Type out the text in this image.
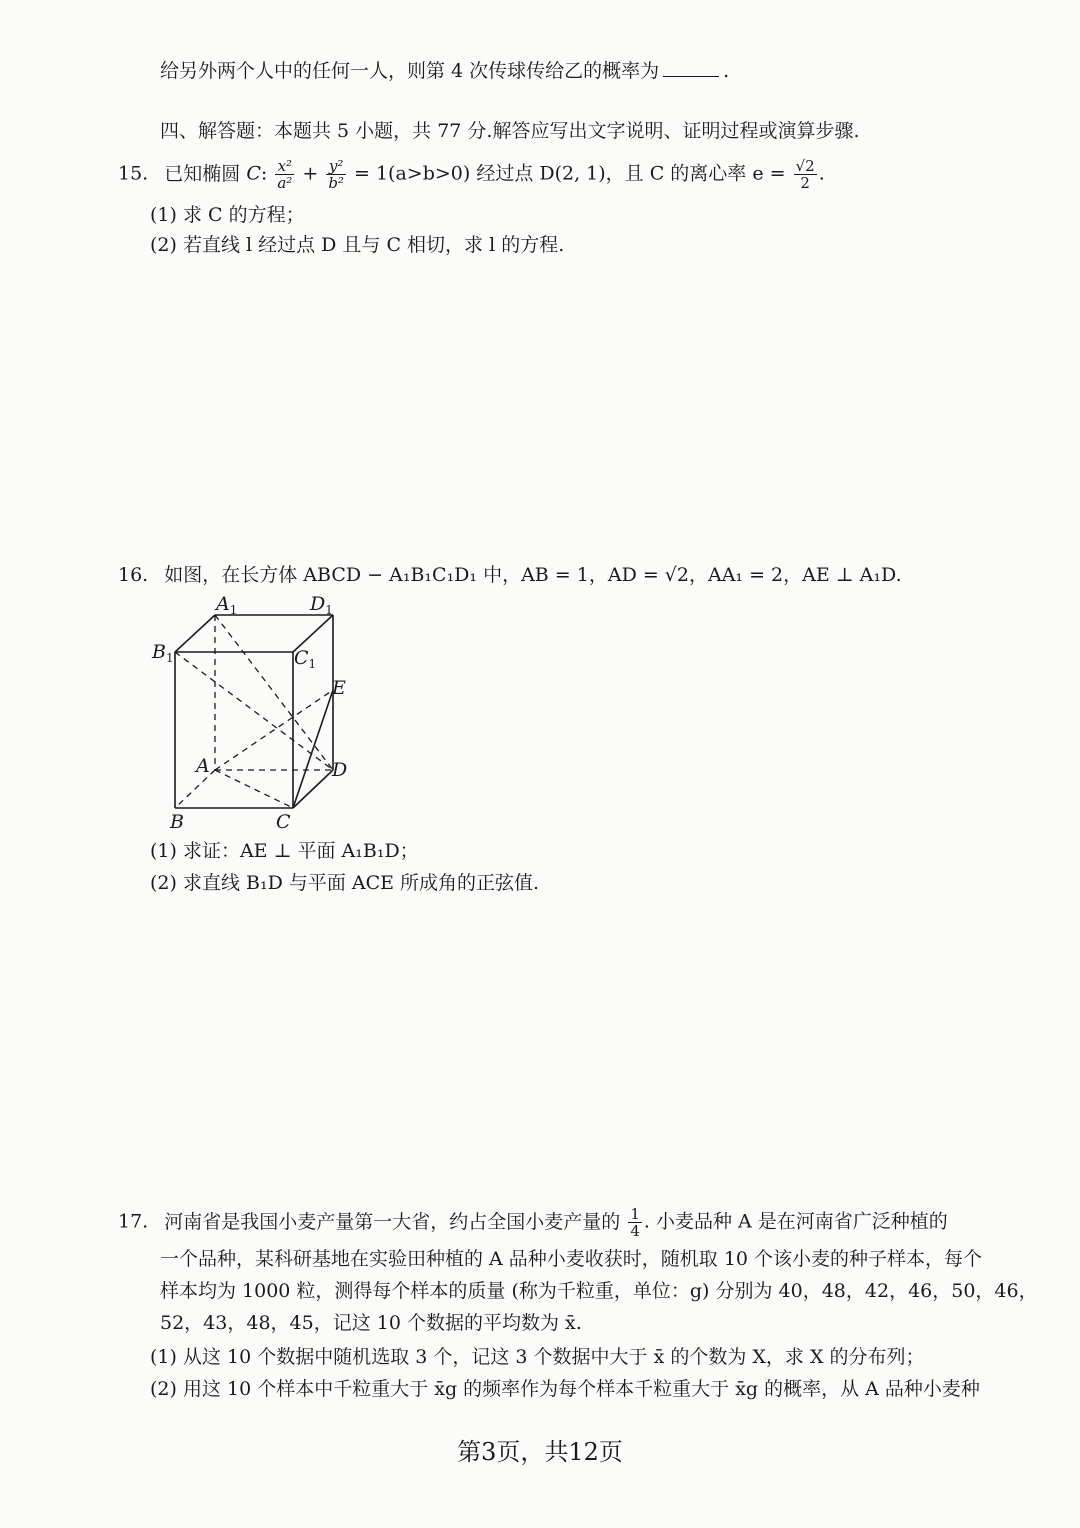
给另外两个人中的任何一人，则第 4 次传球传给乙的概率为	.
四、解答题：本题共 5 小题，共 77 分.解答应写出文字说明、证明过程或演算步骤.
15. 已知椭圆 C: $\frac{\text{x²}}{\text{a²}} + \frac{\text{y²}}{\text{b²}} = 1(a>b>0)$ 经过点 D(2, 1)，且 C 的离心率 $e = \frac{√2}{2}$ .
(1) 求 C 的方程；
(2) 若直线 l 经过点 D 且与 C 相切，求 l 的方程.
16. 如图，在长方体 ABCD − A₁B₁C₁D₁ 中，AB = 1，AD = √2，AA₁ = 2，AE ⊥ A₁D.
$A_1$	$D_1$
$B_1$	$C_1$
E
A	D
B	C
(1) 求证：AE ⊥ 平面 A₁B₁D；
(2) 求直线 B₁D 与平面 ACE 所成角的正弦值.
17. 河南省是我国小麦产量第一大省，约占全国小麦产量的 $\frac{1}{4}$ . 小麦品种 A 是在河南省广泛种植的
一个品种，某科研基地在实验田种植的 A 品种小麦收获时，随机取 10 个该小麦的种子样本，每个
样本均为 1000 粒，测得每个样本的质量 (称为千粒重，单位：g) 分别为 40，48，42，46，50，46，
52，43，48，45，记这 10 个数据的平均数为 x̄.
(1) 从这 10 个数据中随机选取 3 个，记这 3 个数据中大于 x̄ 的个数为 X，求 X 的分布列；
(2) 用这 10 个样本中千粒重大于 x̄g 的频率作为每个样本千粒重大于 x̄g 的概率，从 A 品种小麦种
第3页，共12页
